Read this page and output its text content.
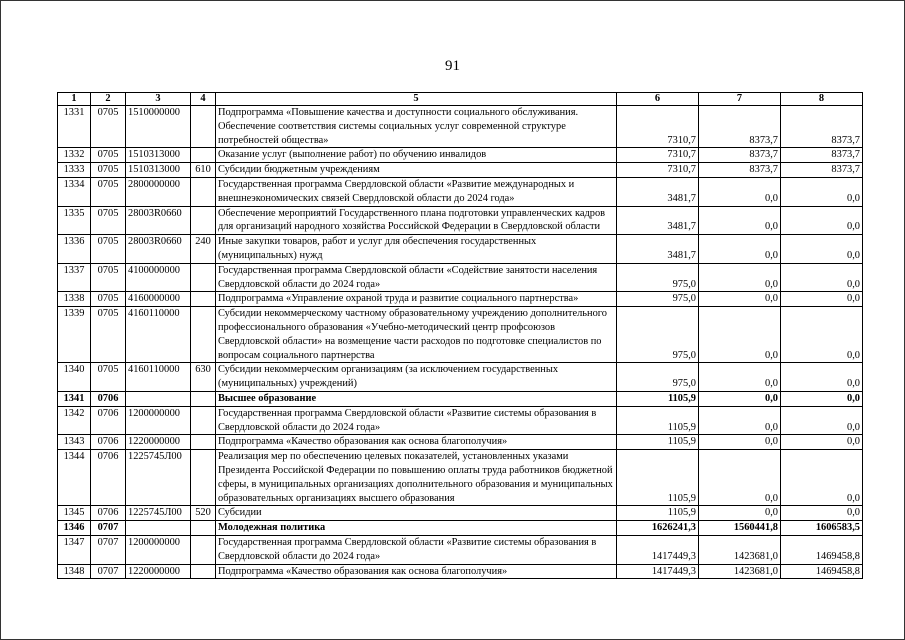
91
1	2	3	4	5	6	7	8
1331	0705	1510000000		Подпрограмма «Повышение качества и доступности социального обслуживания. Обеспечение соответствия системы социальных услуг современной структуре потребностей общества»	7310,7	8373,7	8373,7
1332	0705	1510313000		Оказание услуг (выполнение работ) по обучению инвалидов	7310,7	8373,7	8373,7
1333	0705	1510313000	610	Субсидии бюджетным учреждениям	7310,7	8373,7	8373,7
1334	0705	2800000000		Государственная программа Свердловской области «Развитие международных и внешнеэкономических связей Свердловской области до 2024 года»	3481,7	0,0	0,0
1335	0705	28003R0660		Обеспечение мероприятий Государственного плана подготовки управленческих кадров для организаций народного хозяйства Российской Федерации в Свердловской области	3481,7	0,0	0,0
1336	0705	28003R0660	240	Иные закупки товаров, работ и услуг для обеспечения государственных (муниципальных) нужд	3481,7	0,0	0,0
1337	0705	4100000000		Государственная программа Свердловской области «Содействие занятости населения Свердловской области до 2024 года»	975,0	0,0	0,0
1338	0705	4160000000		Подпрограмма «Управление охраной труда и развитие социального партнерства»	975,0	0,0	0,0
1339	0705	4160110000		Субсидии некоммерческому частному образовательному учреждению дополнительного профессионального образования «Учебно-методический центр профсоюзов Свердловской области» на возмещение части расходов по подготовке специалистов по вопросам социального партнерства	975,0	0,0	0,0
1340	0705	4160110000	630	Субсидии некоммерческим организациям (за исключением государственных (муниципальных) учреждений)	975,0	0,0	0,0
1341	0706			Высшее образование	1105,9	0,0	0,0
1342	0706	1200000000		Государственная программа Свердловской области «Развитие системы образования в Свердловской области до 2024 года»	1105,9	0,0	0,0
1343	0706	1220000000		Подпрограмма «Качество образования как основа благополучия»	1105,9	0,0	0,0
1344	0706	1225745Л00		Реализация мер по обеспечению целевых показателей, установленных указами Президента Российской Федерации по повышению оплаты труда работников бюджетной сферы, в муниципальных организациях дополнительного образования и муниципальных образовательных организациях высшего образования	1105,9	0,0	0,0
1345	0706	1225745Л00	520	Субсидии	1105,9	0,0	0,0
1346	0707			Молодежная политика	1626241,3	1560441,8	1606583,5
1347	0707	1200000000		Государственная программа Свердловской области «Развитие системы образования в Свердловской области до 2024 года»	1417449,3	1423681,0	1469458,8
1348	0707	1220000000		Подпрограмма «Качество образования как основа благополучия»	1417449,3	1423681,0	1469458,8
